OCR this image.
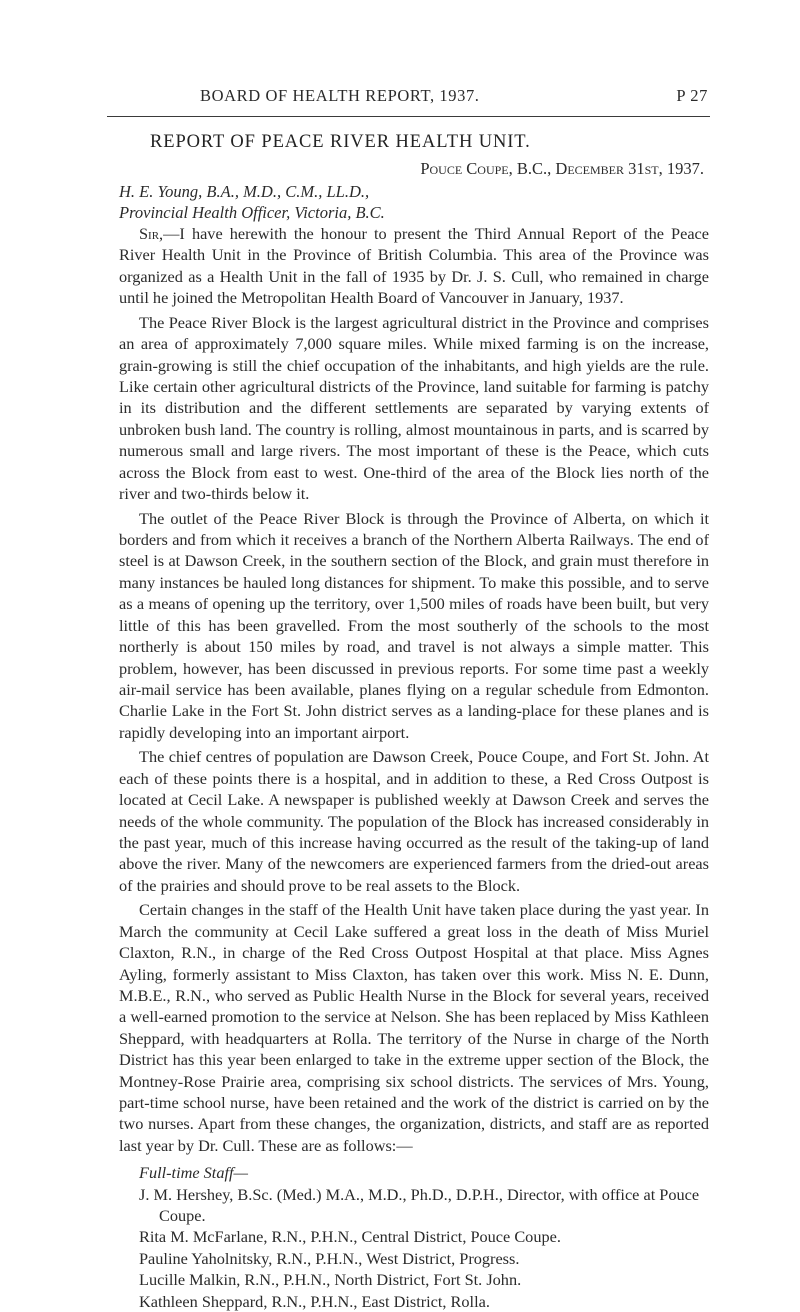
BOARD OF HEALTH REPORT, 1937.	P 27
REPORT OF PEACE RIVER HEALTH UNIT.

Pouce Coupe, B.C., December 31st, 1937.

H. E. Young, B.A., M.D., C.M., LL.D.,
Provincial Health Officer, Victoria, B.C.

Sir,—I have herewith the honour to present the Third Annual Report of the Peace River Health Unit in the Province of British Columbia. This area of the Province was organized as a Health Unit in the fall of 1935 by Dr. J. S. Cull, who remained in charge until he joined the Metropolitan Health Board of Vancouver in January, 1937.

The Peace River Block is the largest agricultural district in the Province and comprises an area of approximately 7,000 square miles. While mixed farming is on the increase, grain-growing is still the chief occupation of the inhabitants, and high yields are the rule. Like certain other agricultural districts of the Province, land suitable for farming is patchy in its distribution and the different settlements are separated by varying extents of unbroken bush land. The country is rolling, almost mountainous in parts, and is scarred by numerous small and large rivers. The most important of these is the Peace, which cuts across the Block from east to west. One-third of the area of the Block lies north of the river and two-thirds below it.

The outlet of the Peace River Block is through the Province of Alberta, on which it borders and from which it receives a branch of the Northern Alberta Railways. The end of steel is at Dawson Creek, in the southern section of the Block, and grain must therefore in many instances be hauled long distances for shipment. To make this possible, and to serve as a means of opening up the territory, over 1,500 miles of roads have been built, but very little of this has been gravelled. From the most southerly of the schools to the most northerly is about 150 miles by road, and travel is not always a simple matter. This problem, however, has been discussed in previous reports. For some time past a weekly air-mail service has been available, planes flying on a regular schedule from Edmonton. Charlie Lake in the Fort St. John district serves as a landing-place for these planes and is rapidly developing into an important airport.

The chief centres of population are Dawson Creek, Pouce Coupe, and Fort St. John. At each of these points there is a hospital, and in addition to these, a Red Cross Outpost is located at Cecil Lake. A newspaper is published weekly at Dawson Creek and serves the needs of the whole community. The population of the Block has increased considerably in the past year, much of this increase having occurred as the result of the taking-up of land above the river. Many of the newcomers are experienced farmers from the dried-out areas of the prairies and should prove to be real assets to the Block.

Certain changes in the staff of the Health Unit have taken place during the yast year. In March the community at Cecil Lake suffered a great loss in the death of Miss Muriel Claxton, R.N., in charge of the Red Cross Outpost Hospital at that place. Miss Agnes Ayling, formerly assistant to Miss Claxton, has taken over this work. Miss N. E. Dunn, M.B.E., R.N., who served as Public Health Nurse in the Block for several years, received a well-earned promotion to the service at Nelson. She has been replaced by Miss Kathleen Sheppard, with headquarters at Rolla. The territory of the Nurse in charge of the North District has this year been enlarged to take in the extreme upper section of the Block, the Montney-Rose Prairie area, comprising six school districts. The services of Mrs. Young, part-time school nurse, have been retained and the work of the district is carried on by the two nurses. Apart from these changes, the organization, districts, and staff are as reported last year by Dr. Cull. These are as follows:—

Full-time Staff—
J. M. Hershey, B.Sc. (Med.) M.A., M.D., Ph.D., D.P.H., Director, with office at Pouce Coupe.
Rita M. McFarlane, R.N., P.H.N., Central District, Pouce Coupe.
Pauline Yaholnitsky, R.N., P.H.N., West District, Progress.
Lucille Malkin, R.N., P.H.N., North District, Fort St. John.
Kathleen Sheppard, R.N., P.H.N., East District, Rolla.
